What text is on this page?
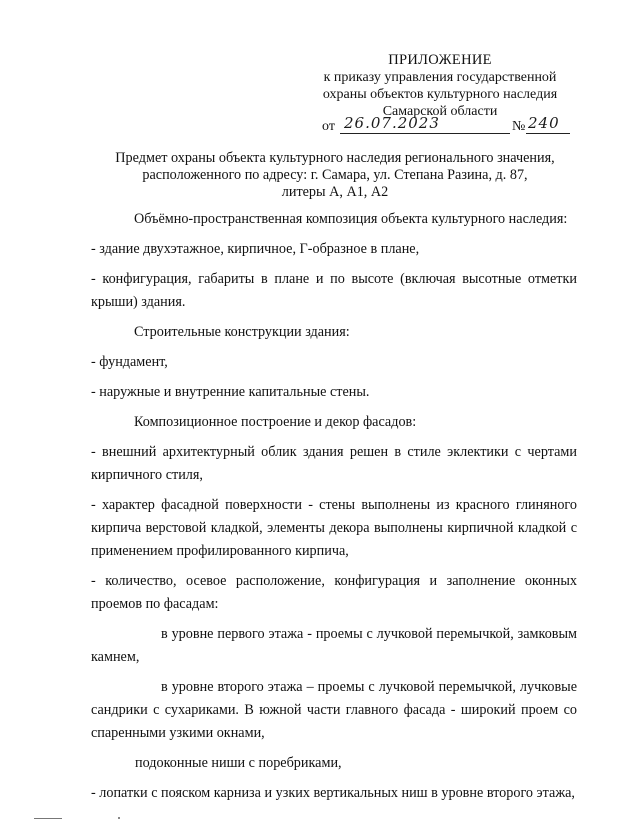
ПРИЛОЖЕНИЕ
к приказу управления государственной
охраны объектов культурного наследия
Самарской области
от 26.07.2023	№ 240
Предмет охраны объекта культурного наследия регионального значения,
расположенного по адресу: г. Самара, ул. Степана Разина, д. 87,
литеры А, А1, А2

Объёмно-пространственная композиция объекта культурного наследия:

- здание двухэтажное, кирпичное, Г-образное в плане,

- конфигурация, габариты в плане и по высоте (включая высотные отметки крыши) здания.

Строительные конструкции здания:

- фундамент,

- наружные и внутренние капитальные стены.

Композиционное построение и декор фасадов:

- внешний архитектурный облик здания решен в стиле эклектики с чертами кирпичного стиля,

- характер фасадной поверхности - стены выполнены из красного глиняного кирпича верстовой кладкой, элементы декора выполнены кирпичной кладкой с применением профилированного кирпича,

- количество, осевое расположение, конфигурация и заполнение оконных проемов по фасадам:

в уровне первого этажа - проемы с лучковой перемычкой, замковым камнем,

в уровне второго этажа – проемы с лучковой перемычкой, лучковые сандрики с сухариками. В южной части главного фасада - широкий проем со спаренными узкими окнами,

подоконные ниши с поребриками,

- лопатки с пояском карниза и узких вертикальных ниш в уровне второго этажа,
